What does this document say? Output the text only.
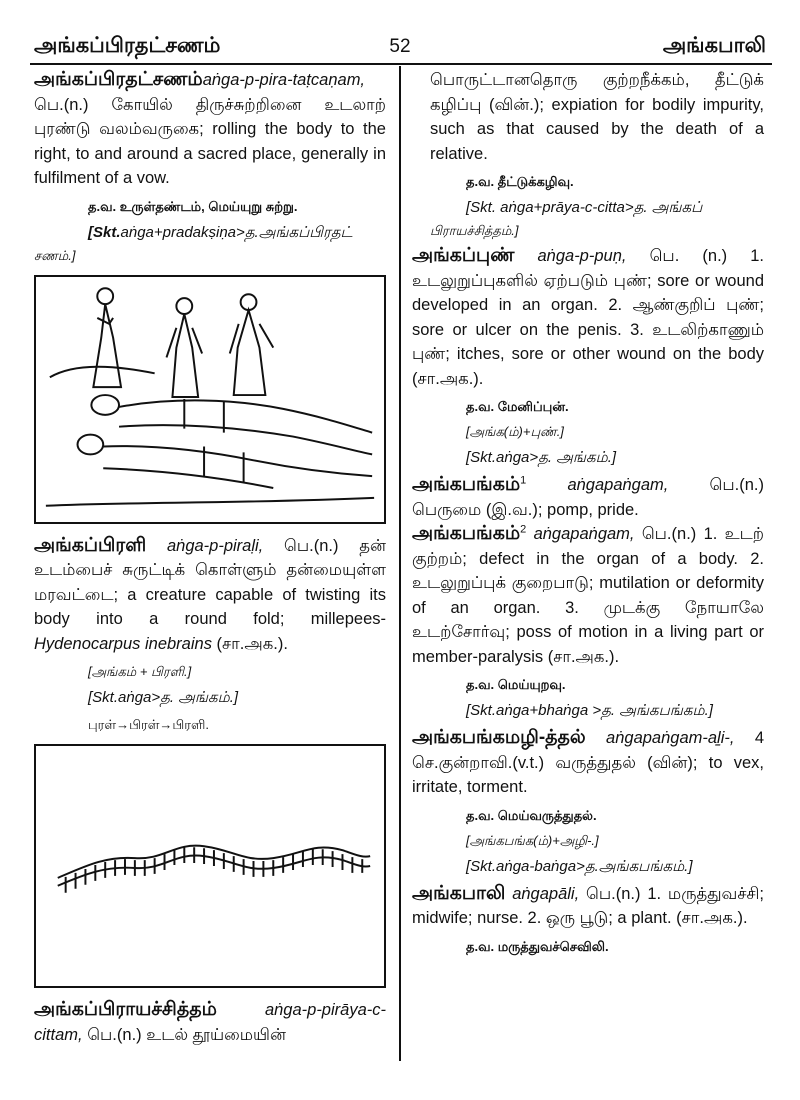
அங்கப்பிரதட்சணம்	52	அங்கபாலி

அங்கப்பிரதட்சணம்aṅga-p-pira-taṭcaṇam, பெ.(n.) கோயில் திருச்சுற்றினை உடலாற் புரண்டு வலம்வருகை; rolling the body to the right, to and around a sacred place, generally in fulfilment of a vow.

த.வ. உருள்தண்டம், மெய்யுறு சுற்று.

[Skt.aṅga+pradakṣiṇa>த.அங்கப்பிரதட்

சணம்.]

அங்கப்பிரளி aṅga-p-piraḷi, பெ.(n.) தன் உடம்பைச் சுருட்டிக் கொள்ளும் தன்மையுள்ள மரவட்டை; a creature capable of twisting its body into a round fold; millepees- Hydenocarpus inebrains (சா.அக.).

[அங்கம் + பிரளி.]

[Skt.aṅga>த. அங்கம்.]

புரள்→பிரள்→பிரளி.

அங்கப்பிராயச்சித்தம்	aṅga-p-pirāya-c-cittam, பெ.(n.) உடல் தூய்மையின்

பொருட்டானதொரு குற்றநீக்கம், தீட்டுக் கழிப்பு (வின்.); expiation for bodily impurity, such as that caused by the death of a relative.

த.வ. தீட்டுக்கழிவு.

[Skt. aṅga+prāya-c-citta>த. அங்கப்

பிராயச்சித்தம்.]

அங்கப்புண் aṅga-p-puṇ, பெ. (n.) 1. உடலுறுப்புகளில் ஏற்படும் புண்; sore or wound developed in an organ. 2. ஆண்குறிப் புண்; sore or ulcer on the penis. 3. உடலிற்காணும் புண்; itches, sore or other wound on the body (சா.அக.).

த.வ. மேனிப்புன்.

[அங்க(ம்)+புண்.]

[Skt.aṅga>த. அங்கம்.]

அங்கபங்கம்$^1$ aṅgapaṅgam, பெ.(n.) பெருமை (இ.வ.); pomp, pride.

அங்கபங்கம்$^2$ aṅgapaṅgam, பெ.(n.) 1. உடற் குற்றம்; defect in the organ of a body. 2. உடலுறுப்புக் குறைபாடு; mutilation or deformity of an organ. 3. முடக்கு நோயாலே உடற்சோர்வு; poss of motion in a living part or member-paralysis (சா.அக.).

த.வ. மெய்யுறவு.

[Skt.aṅga+bhaṅga >த. அங்கபங்கம்.]

அங்கபங்கமழி-த்தல் aṅgapaṅgam-aḻi-, 4 செ.குன்றாவி.(v.t.) வருத்துதல் (வின்); to vex, irritate, torment.

த.வ. மெய்வருத்துதல்.

[அங்கபங்க(ம்)+அழி-.]

[Skt.aṅga-baṅga>த.அங்கபங்கம்.]

அங்கபாலி aṅgapāli, பெ.(n.) 1. மருத்துவச்சி; midwife; nurse. 2. ஒரு பூடு; a plant. (சா.அக.).

த.வ. மருத்துவச்செவிலி.
